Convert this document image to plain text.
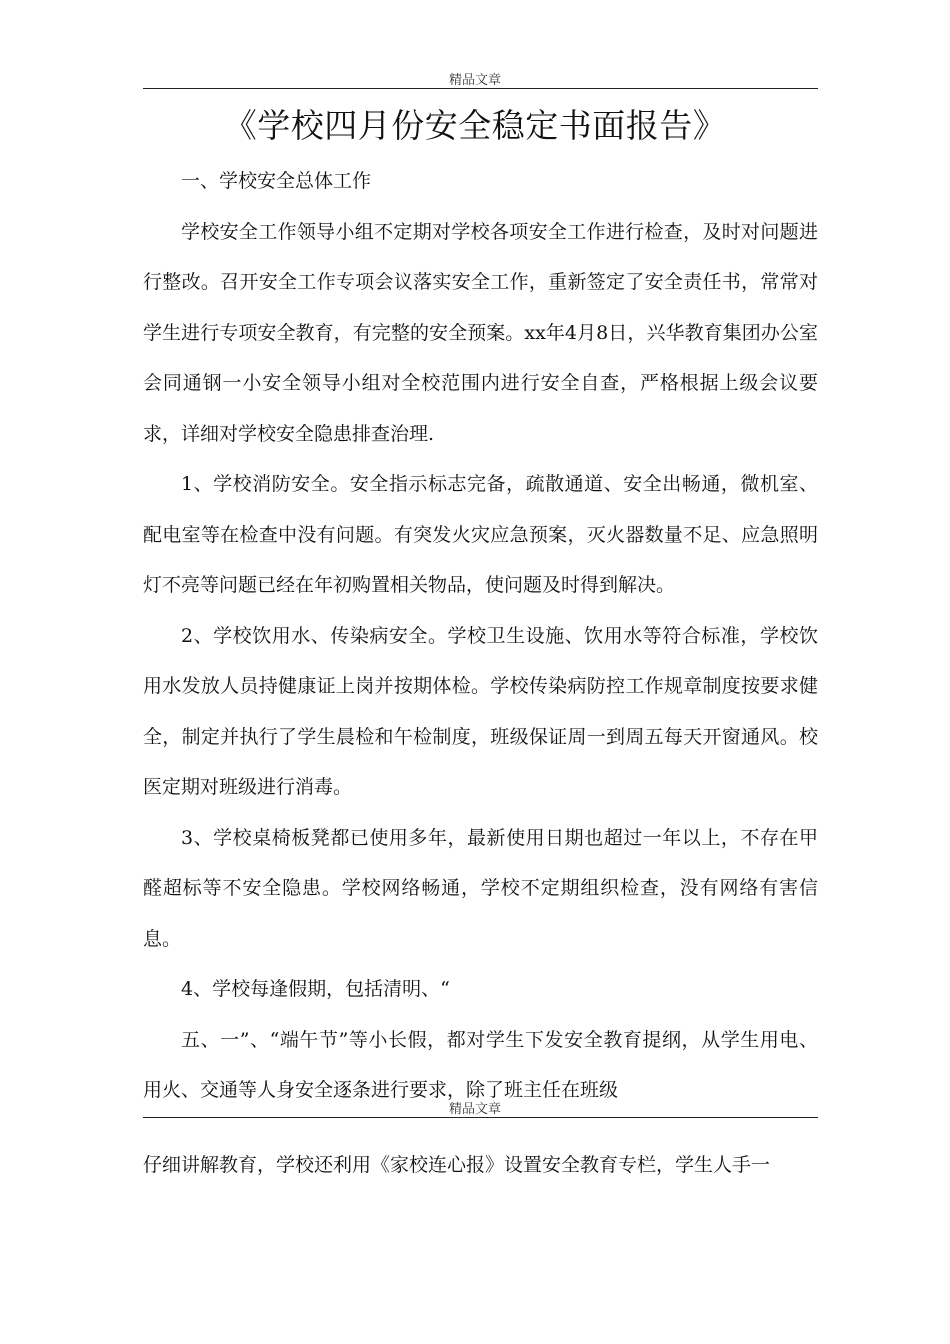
精品文章
《学校四月份安全稳定书面报告》

一、学校安全总体工作

学校安全工作领导小组不定期对学校各项安全工作进行检查，及时对问题进行整改。召开安全工作专项会议落实安全工作，重新签定了安全责任书，常常对学生进行专项安全教育，有完整的安全预案。xx年4月8日，兴华教育集团办公室会同通钢一小安全领导小组对全校范围内进行安全自查，严格根据上级会议要求，详细对学校安全隐患排查治理.

1、学校消防安全。安全指示标志完备，疏散通道、安全出畅通，微机室、配电室等在检查中没有问题。有突发火灾应急预案，灭火器数量不足、应急照明灯不亮等问题已经在年初购置相关物品，使问题及时得到解决。

2、学校饮用水、传染病安全。学校卫生设施、饮用水等符合标准，学校饮用水发放人员持健康证上岗并按期体检。学校传染病防控工作规章制度按要求健全，制定并执行了学生晨检和午检制度，班级保证周一到周五每天开窗通风。校医定期对班级进行消毒。

3、学校桌椅板凳都已使用多年，最新使用日期也超过一年以上，不存在甲醛超标等不安全隐患。学校网络畅通，学校不定期组织检查，没有网络有害信息。

4、学校每逢假期，包括清明、“

五、一”、“端午节”等小长假，都对学生下发安全教育提纲，从学生用电、用火、交通等人身安全逐条进行要求，除了班主任在班级

精品文章
仔细讲解教育，学校还利用《家校连心报》设置安全教育专栏，学生人手一
